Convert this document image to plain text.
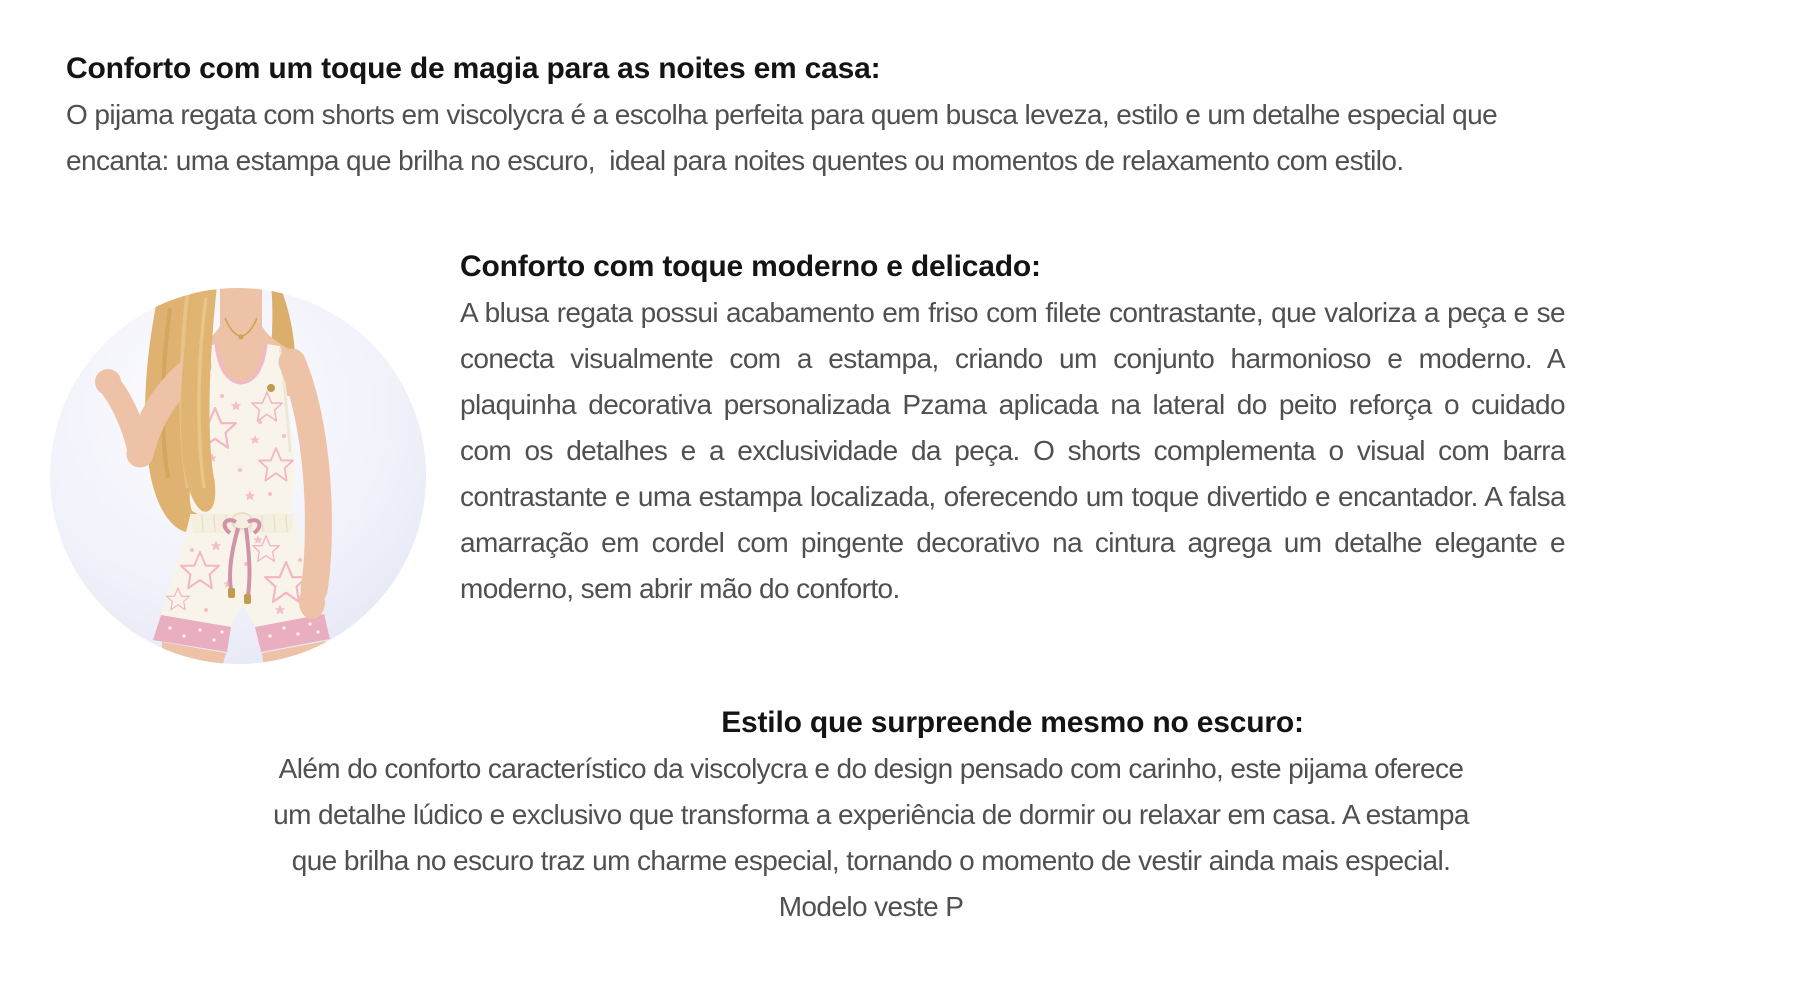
Conforto com um toque de magia para as noites em casa:

O pijama regata com shorts em viscolycra é a escolha perfeita para quem busca leveza, estilo e um detalhe especial que encanta: uma estampa que brilha no escuro,  ideal para noites quentes ou momentos de relaxamento com estilo.

Conforto com toque moderno e delicado:

A blusa regata possui acabamento em friso com filete contrastante, que valoriza a peça e se conecta visualmente com a estampa, criando um conjunto harmonioso e moderno. A plaquinha decorativa personalizada Pzama aplicada na lateral do peito reforça o cuidado com os detalhes e a exclusividade da peça. O shorts complementa o visual com barra contrastante e uma estampa localizada, oferecendo um toque divertido e encantador. A falsa amarração em cordel com pingente decorativo na cintura agrega um detalhe elegante e moderno, sem abrir mão do conforto.

Estilo que surpreende mesmo no escuro:
Além do conforto característico da viscolycra e do design pensado com carinho, este pijama oferece
um detalhe lúdico e exclusivo que transforma a experiência de dormir ou relaxar em casa. A estampa
que brilha no escuro traz um charme especial, tornando o momento de vestir ainda mais especial.
Modelo veste P
